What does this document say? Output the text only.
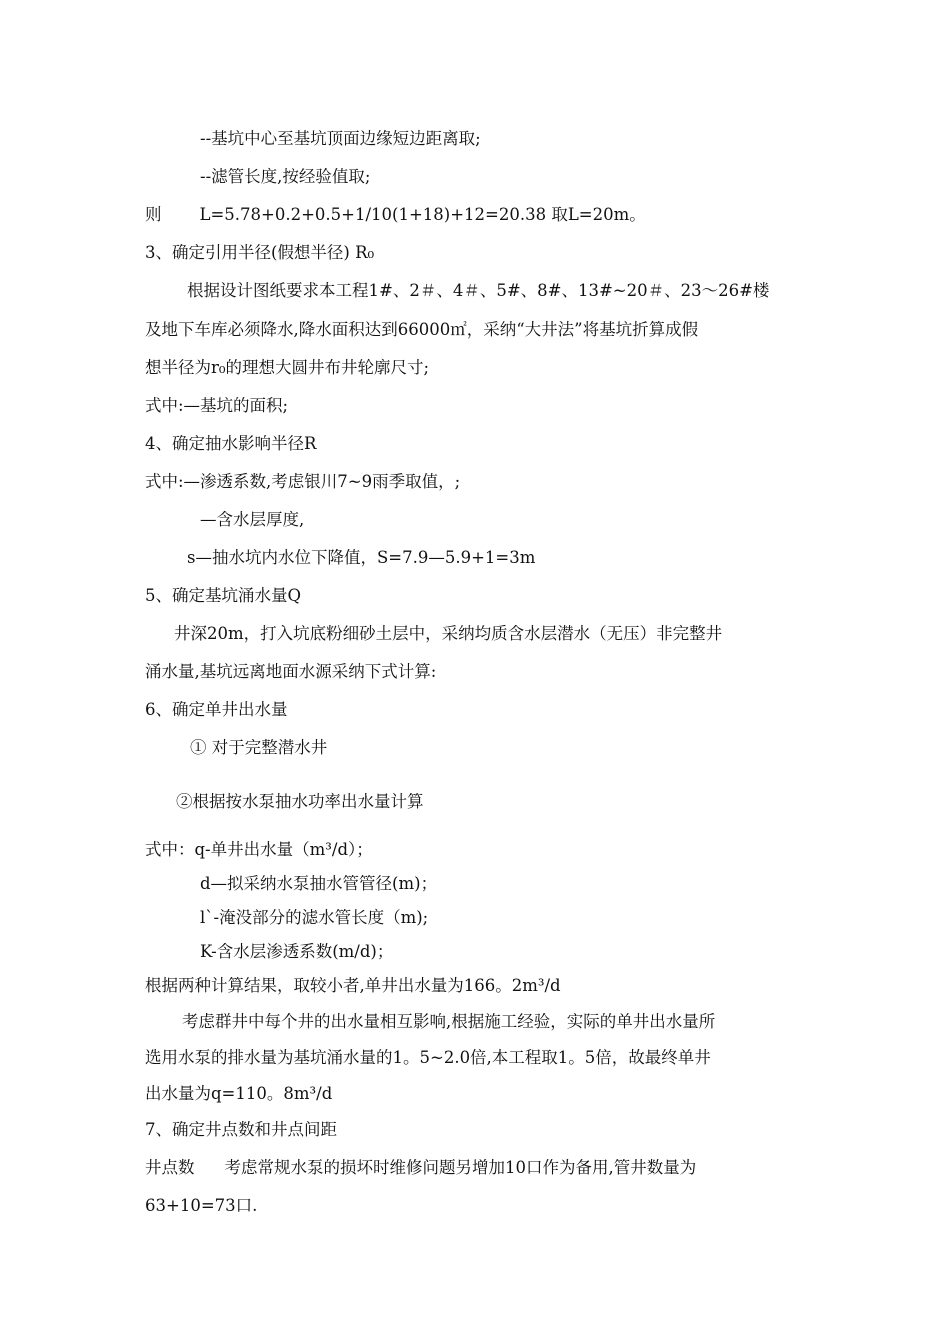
--基坑中心至基坑顶面边缘短边距离取;
--滤管长度,按经验值取;
则 L=5.78+0.2+0.5+1/10(1+18)+12=20.38 取L=20m。
3、确定引用半径(假想半径) R₀
根据设计图纸要求本工程1#、2＃、4＃、5#、8#、13#~20＃、23～26#楼
及地下车库必须降水,降水面积达到66000㎡，采纳“大井法”将基坑折算成假
想半径为r₀的理想大圆井布井轮廓尺寸;
式中:—基坑的面积;
4、确定抽水影响半径R
式中:—渗透系数,考虑银川7~9雨季取值，;
—含水层厚度,
s—抽水坑内水位下降值，S=7.9—5.9+1=3m
5、确定基坑涌水量Q
井深20m，打入坑底粉细砂土层中，采纳均质含水层潜水（无压）非完整井
涌水量,基坑远离地面水源采纳下式计算:
6、确定单井出水量
① 对于完整潜水井
②根据按水泵抽水功率出水量计算
式中：q-单井出水量（m³/d）；
d—拟采纳水泵抽水管管径(m)；
l`-淹没部分的滤水管长度（m);
K-含水层渗透系数(m/d)；
根据两种计算结果，取较小者,单井出水量为166。2m³/d
考虑群井中每个井的出水量相互影响,根据施工经验，实际的单井出水量所
选用水泵的排水量为基坑涌水量的1。5~2.0倍,本工程取1。5倍，故最终单井
出水量为q=110。8m³/d
7、确定井点数和井点间距
井点数 考虑常规水泵的损坏时维修问题另增加10口作为备用,管井数量为
63+10=73口.
